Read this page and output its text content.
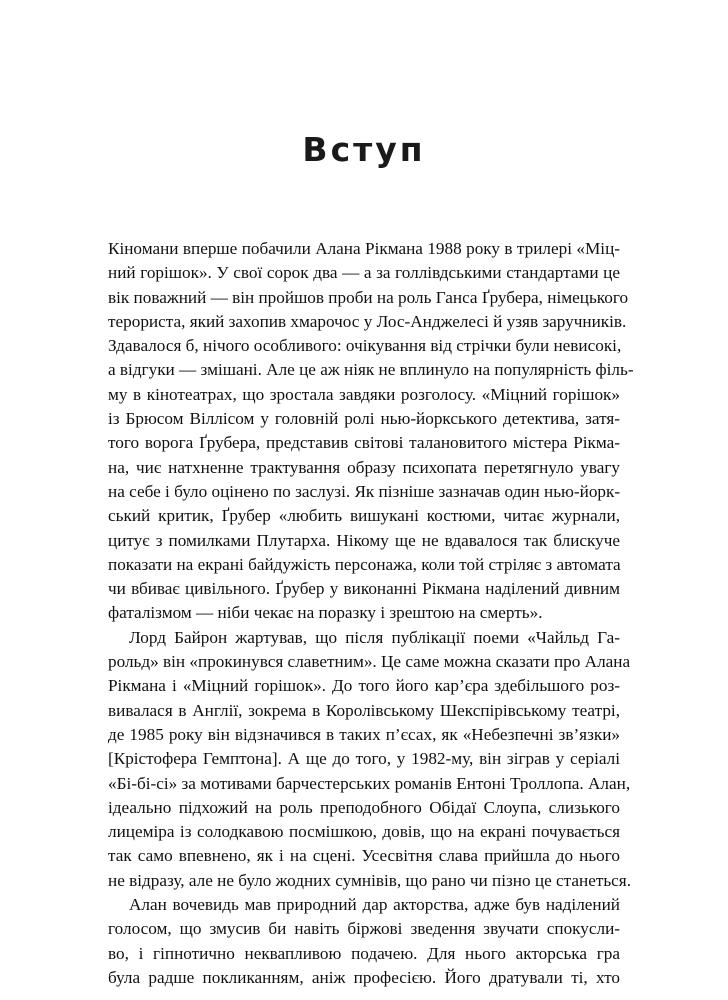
Вступ
Кіномани вперше побачили Алана Рікмана 1988 року в трилері «Міц-
ний горішок». У свої сорок два — а за голлівдськими стандартами це
вік поважний — він пройшов проби на роль Ганса Ґрубера, німецького
терориста, який захопив хмарочос у Лос-Анджелесі й узяв заручників.
Здавалося б, нічого особливого: очікування від стрічки були невисокі,
а відгуки — змішані. Але це аж ніяк не вплинуло на популярність філь-
му в кінотеатрах, що зростала завдяки розголосу. «Міцний горішок»
із Брюсом Віллісом у головній ролі нью-йоркського детектива, затя-
того ворога Ґрубера, представив світові талановитого містера Рікма-
на, чиє натхненне трактування образу психопата перетягнуло увагу
на себе і було оцінено по заслузі. Як пізніше зазначав один нью-йорк-
ський критик, Ґрубер «любить вишукані костюми, читає журнали,
цитує з помилками Плутарха. Нікому ще не вдавалося так блискуче
показати на екрані байдужість персонажа, коли той стріляє з автомата
чи вбиває цивільного. Ґрубер у виконанні Рікмана наділений дивним
фаталізмом — ніби чекає на поразку і зрештою на смерть».
Лорд Байрон жартував, що після публікації поеми «Чайльд Га-
рольд» він «прокинувся славетним». Це саме можна сказати про Алана
Рікмана і «Міцний горішок». До того його кар’єра здебільшого роз-
вивалася в Англії, зокрема в Королівському Шекспірівському театрі,
де 1985 року він відзначився в таких п’єсах, як «Небезпечні зв’язки»
[Крістофера Гемптона]. А ще до того, у 1982-му, він зіграв у серіалі
«Бі-бі-сі» за мотивами барчестерських романів Ентоні Троллопа. Алан,
ідеально підхожий на роль преподобного Обідаї Слоупа, слизького
лицеміра із солодкавою посмішкою, довів, що на екрані почувається
так само впевнено, як і на сцені. Усесвітня слава прийшла до нього
не відразу, але не було жодних сумнівів, що рано чи пізно це станеться.
Алан вочевидь мав природний дар акторства, адже був наділений
голосом, що змусив би навіть біржові зведення звучати спокусли-
во, і гіпнотично неквапливою подачею. Для нього акторська гра
була радше покликанням, аніж професією. Його дратували ті, хто
